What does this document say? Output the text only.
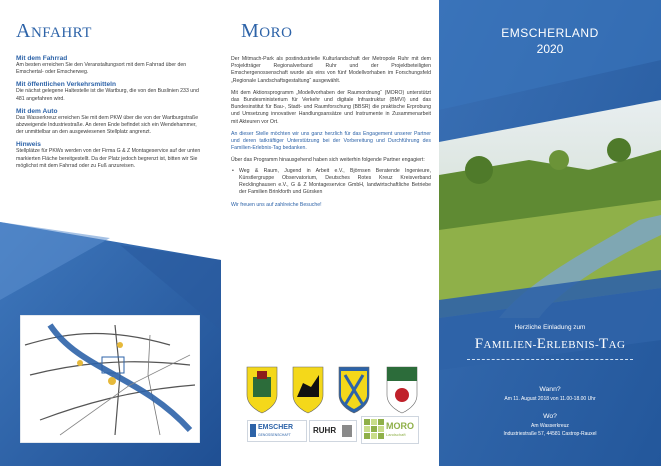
ANFAHRT

Mit dem Fahrrad

Am besten erreichen Sie den Veranstaltungsort mit dem Fahrrad über den Emschertal- oder Emscherweg.

Mit öffentlichen Verkehrsmitteln

Die nächst gelegene Haltestelle ist die Wartburg, die von den Buslinien 233 und 481 angefahren wird.

Mit dem Auto

Das Wasserkreuz erreichen Sie mit dem PKW über die von der Wartburgstraße abzweigende Industriestraße. An deren Ende befindet sich ein Wendehammer, der unmittelbar an den ausgewiesenen Stellplatz angrenzt.

Hinweis

Stellplätze für PKWs werden von der Firma G & Z Montageservice auf der unten markierten Fläche bereitgestellt. Da der Platz jedoch begrenzt ist, bitten wir Sie möglichst mit dem Fahrrad oder zu Fuß anzureisen.

MORO

Der Mitmach-Park als postindustrielle Kulturlandschaft der Metropole Ruhr mit dem Projektträger Regionalverband Ruhr und der Projektbeteiligten Emschergenossenschaft wurde als eins von fünf Modellvorhaben im Forschungsfeld „Regionale Landschaftsgestaltung“ ausgewählt.

Mit dem Aktionsprogramm „Modellvorhaben der Raumordnung“ (MORO) unterstützt das Bundesministerium für Verkehr und digitale Infrastruktur (BMVI) und das Bundesinstitut für Bau-, Stadt- und Raumforschung (BBSR) die praktische Erprobung und Umsetzung innovativer Handlungsansätze und Instrumente in Zusammenarbeit mit Akteuren vor Ort.

An dieser Stelle möchten wir uns ganz herzlich für das Engagement unserer Partner und deren tatkräftiger Unterstützung bei der Vorbereitung und Durchführung des Familien-Erlebnis-Tag bedanken.

Über das Programm hinausgehend haben sich weiterhin folgende Partner engagiert:

• Weg & Raum, Jugend in Arbeit e.V., Björnsen Beratende Ingenieure, Künstlergruppe Observatorium, Deutsches Rotes Kreuz Kreisverband Recklinghausen e.V., G & Z Montageservice GmbH, landwirtschaftliche Betriebe der Familien Brinkforth und Gürsken

Wir freuen uns auf zahlreiche Besuche!

MORO
Bundesinstitut für Bau-, Stadt- und Raumforschung
EMSCHER
GENOSSENSCHAFT	RUHR	MORO
Landschaft
EMSCHERLAND
2020
Herzliche Einladung zum
FAMILIEN-ERLEBNIS-TAG
Wann?
Am 11. August 2018 von 11.00-18.00 Uhr
Wo?
Am Wasserkreuz
Industriestraße 57, 44581 Castrop-Rauxel
